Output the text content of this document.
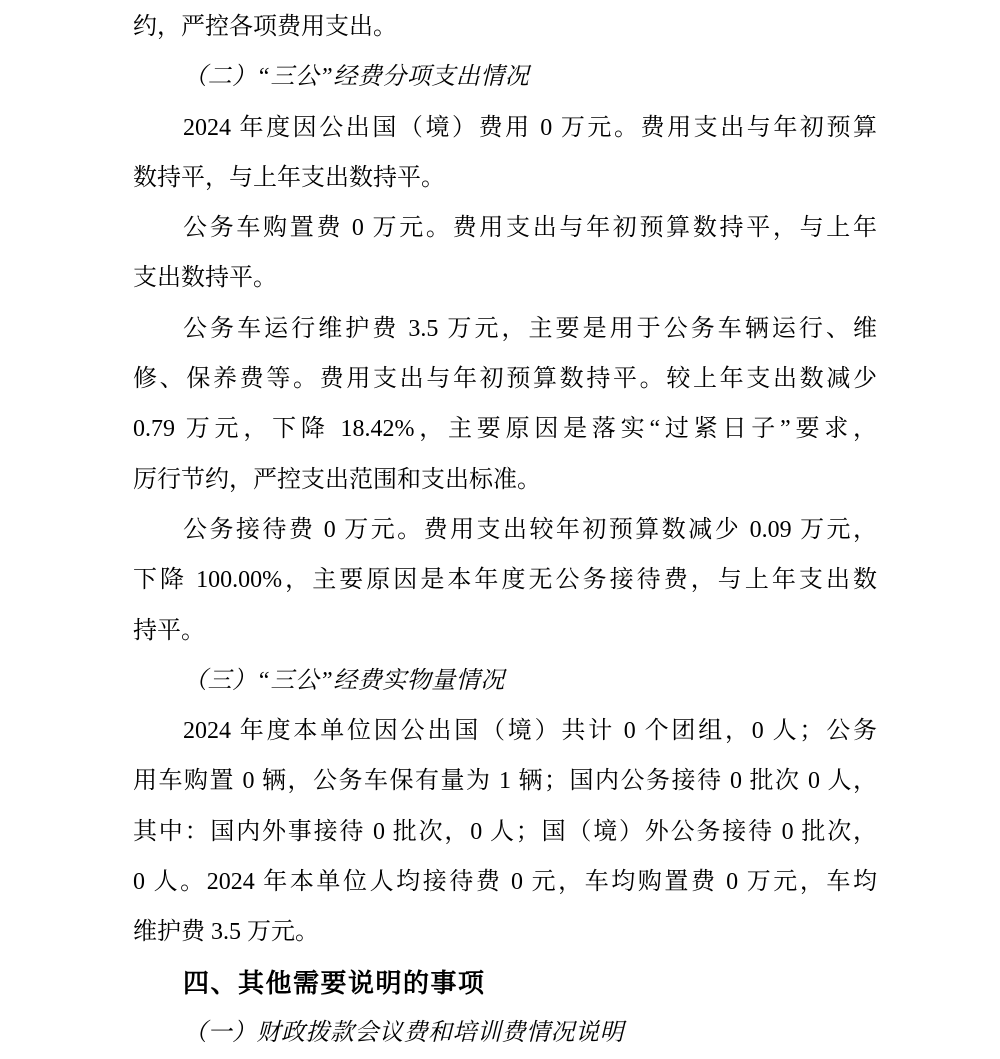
约，严控各项费用支出。
（二）“三公”经费分项支出情况
2024 年度因公出国（境）费用 0 万元。费用支出与年初预算
数持平，与上年支出数持平。
公务车购置费 0 万元。费用支出与年初预算数持平，与上年
支出数持平。
公务车运行维护费 3.5 万元，主要是用于公务车辆运行、维
修、保养费等。费用支出与年初预算数持平。较上年支出数减少
0.79 万元，下降 18.42%，主要原因是落实“过紧日子”要求，
厉行节约，严控支出范围和支出标准。
公务接待费 0 万元。费用支出较年初预算数减少 0.09 万元，
下降 100.00%，主要原因是本年度无公务接待费，与上年支出数
持平。
（三）“三公”经费实物量情况
2024 年度本单位因公出国（境）共计 0 个团组，0 人；公务
用车购置 0 辆，公务车保有量为 1 辆；国内公务接待 0 批次 0 人，
其中：国内外事接待 0 批次，0 人；国（境）外公务接待 0 批次，
0 人。2024 年本单位人均接待费 0 元，车均购置费 0 万元，车均
维护费 3.5 万元。
四、其他需要说明的事项
（一）财政拨款会议费和培训费情况说明
